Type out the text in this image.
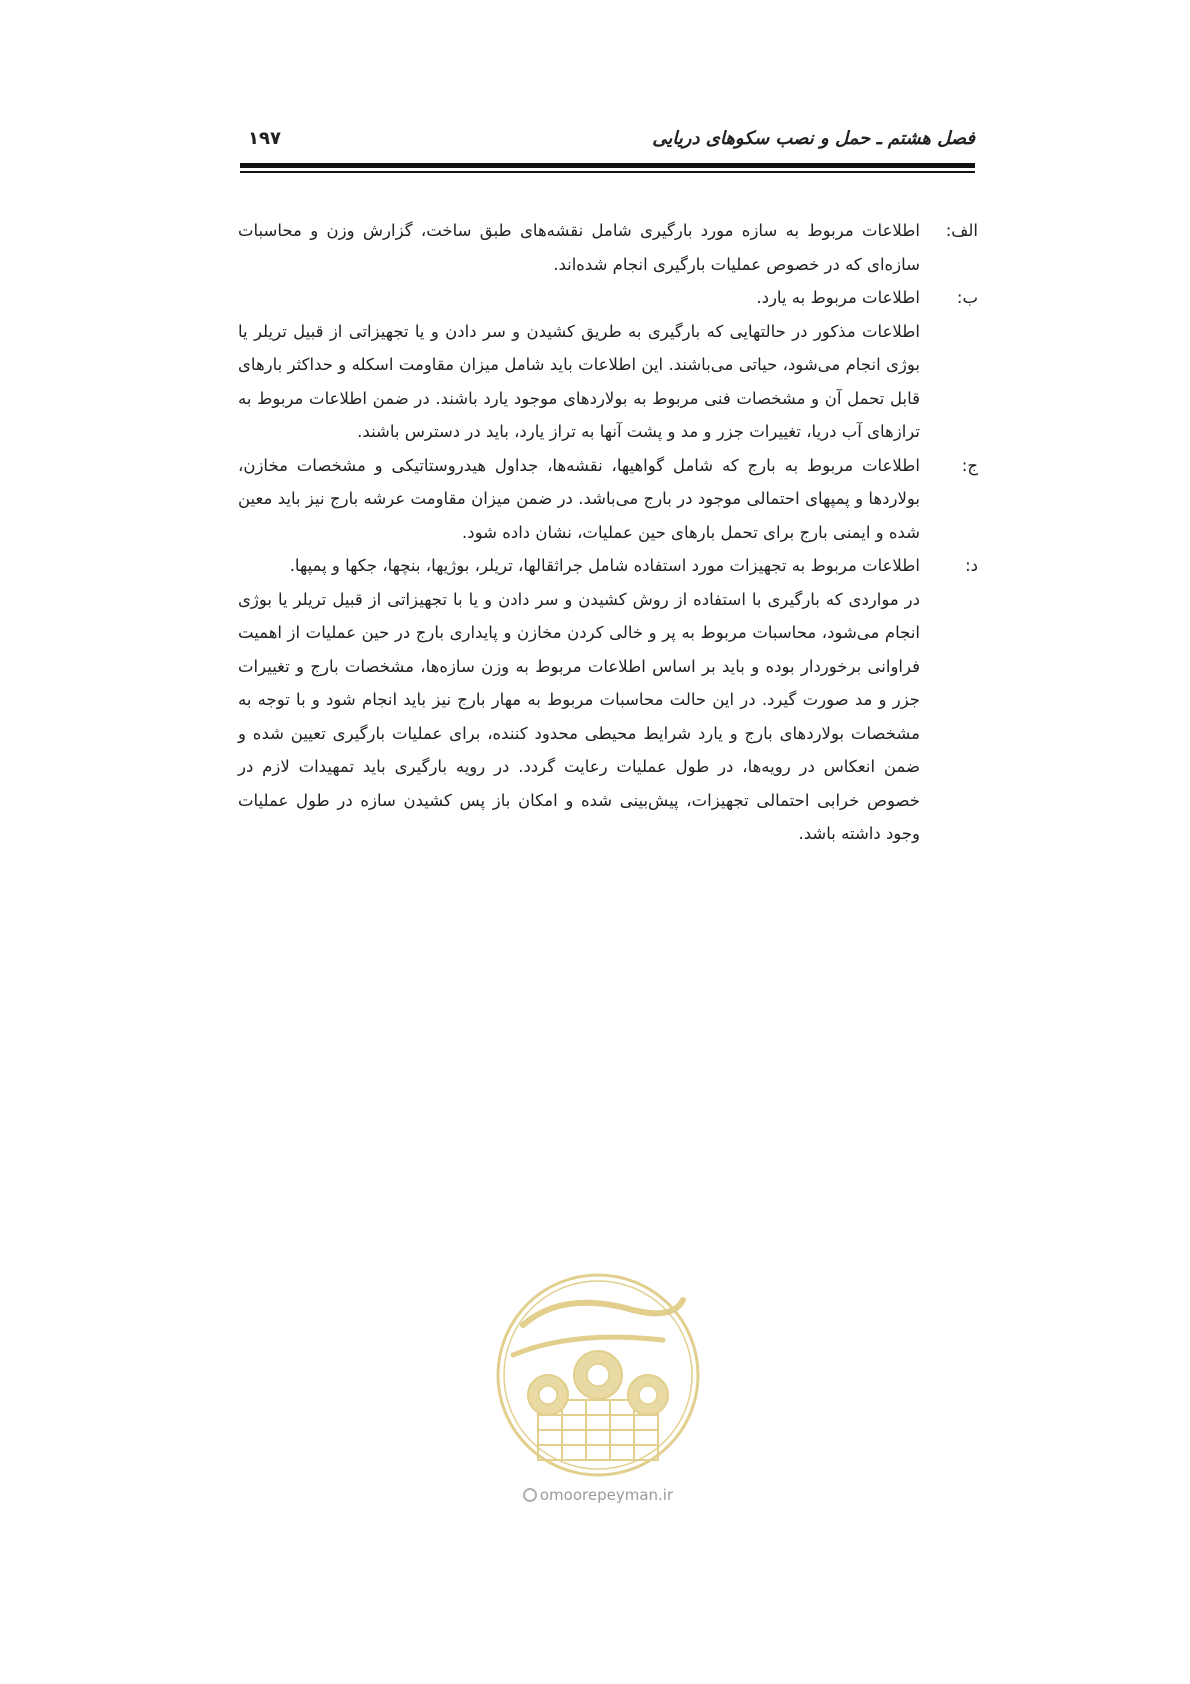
فصل هشتم ـ حمل و نصب سکوهای دریایی
۱۹۷
الف:
اطلاعات مربوط به سازه مورد بارگیری شامل نقشه‌های طبق ساخت، گزارش وزن و محاسبات سازه‌ای که در خصوص عملیات بارگیری انجام شده‌اند.
ب:
اطلاعات مربوط به یارد.

اطلاعات مذکور در حالتهایی که بارگیری به طریق کشیدن و سر دادن و یا تجهیزاتی از قبیل تریلر یا بوژی انجام می‌شود، حیاتی می‌باشند. این اطلاعات باید شامل میزان مقاومت اسکله و حداکثر بارهای قابل تحمل آن و مشخصات فنی مربوط به بولاردهای موجود یارد باشند. در ضمن اطلاعات مربوط به ترازهای آب دریا، تغییرات جزر و مد و پشت آنها به تراز یارد، باید در دسترس باشند.

ج:
اطلاعات مربوط به بارج که شامل گواهیها، نقشه‌ها، جداول هیدروستاتیکی و مشخصات مخازن، بولاردها و پمپهای احتمالی موجود در بارج می‌باشد. در ضمن میزان مقاومت عرشه بارج نیز باید معین شده و ایمنی بارج برای تحمل بارهای حین عملیات، نشان داده شود.
د:
اطلاعات مربوط به تجهیزات مورد استفاده شامل جراثقالها، تریلر، بوژیها، بنچها، جکها و پمپها.

در مواردی که بارگیری با استفاده از روش کشیدن و سر دادن و یا با تجهیزاتی از قبیل تریلر یا بوژی انجام می‌شود، محاسبات مربوط به پر و خالی کردن مخازن و پایداری بارج در حین عملیات از اهمیت فراوانی برخوردار بوده و باید بر اساس اطلاعات مربوط به وزن سازه‌ها، مشخصات بارج و تغییرات جزر و مد صورت گیرد. در این حالت محاسبات مربوط به مهار بارج نیز باید انجام شود و با توجه به مشخصات بولاردهای بارج و یارد شرایط محیطی محدود کننده، برای عملیات بارگیری تعیین شده و ضمن انعکاس در رویه‌ها، در طول عملیات رعایت گردد. در رویه بارگیری باید تمهیدات لازم در خصوص خرابی احتمالی تجهیزات، پیش‌بینی شده و امکان باز پس کشیدن سازه در طول عملیات وجود داشته باشد.

omoorepeyman.ir
